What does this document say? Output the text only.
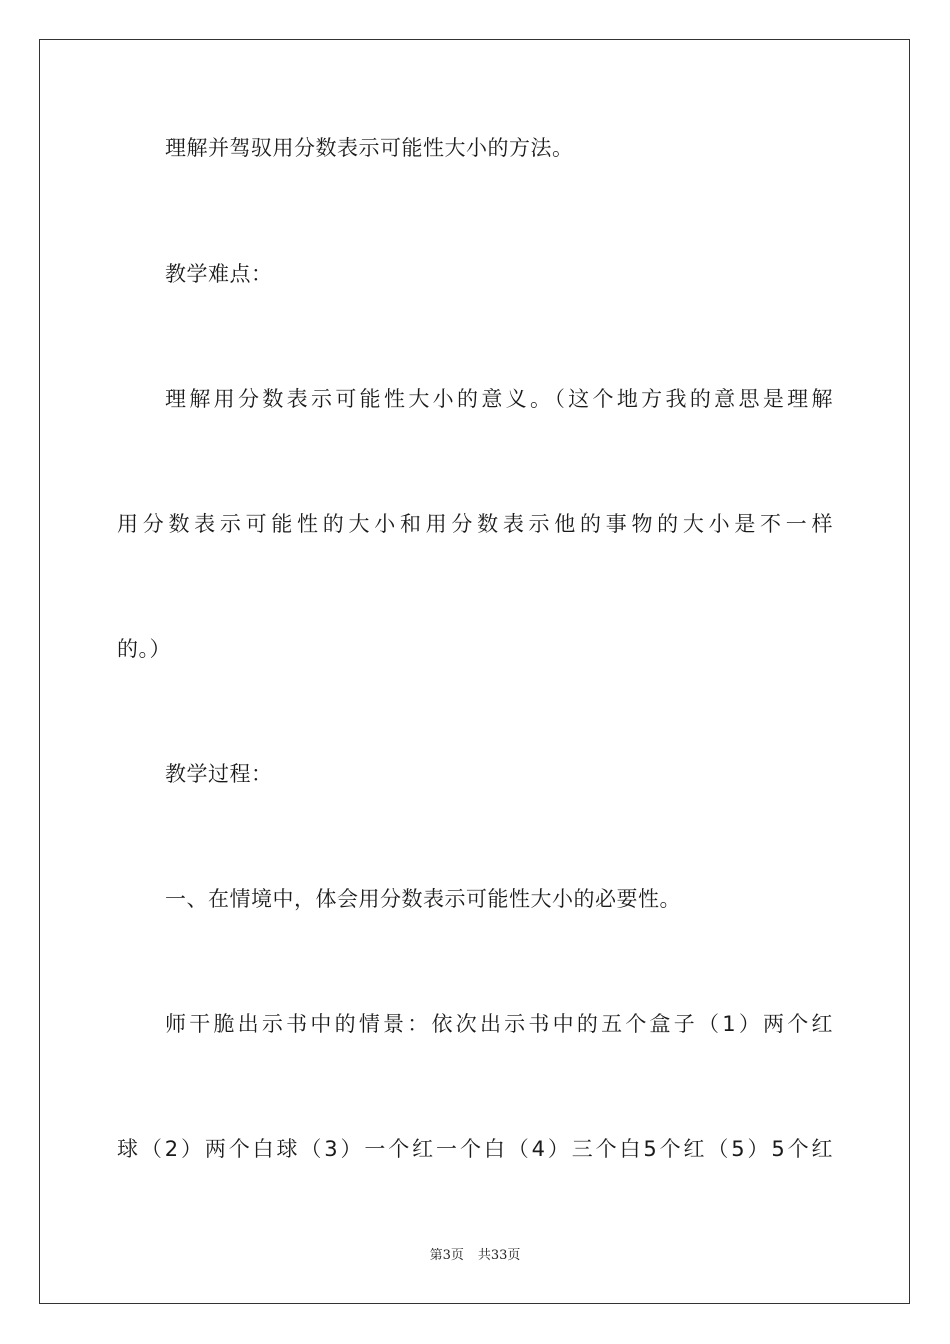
理解并驾驭用分数表示可能性大小的方法。
教学难点：
理解用分数表示可能性大小的意义。（这个地方我的意思是理解
用分数表示可能性的大小和用分数表示他的事物的大小是不一样
的。）
教学过程：
一、在情境中，体会用分数表示可能性大小的必要性。
师干脆出示书中的情景：依次出示书中的五个盒子（1）两个红
球（2）两个白球（3）一个红一个白（4）三个白5个红（5）5个红
第3页 共33页
